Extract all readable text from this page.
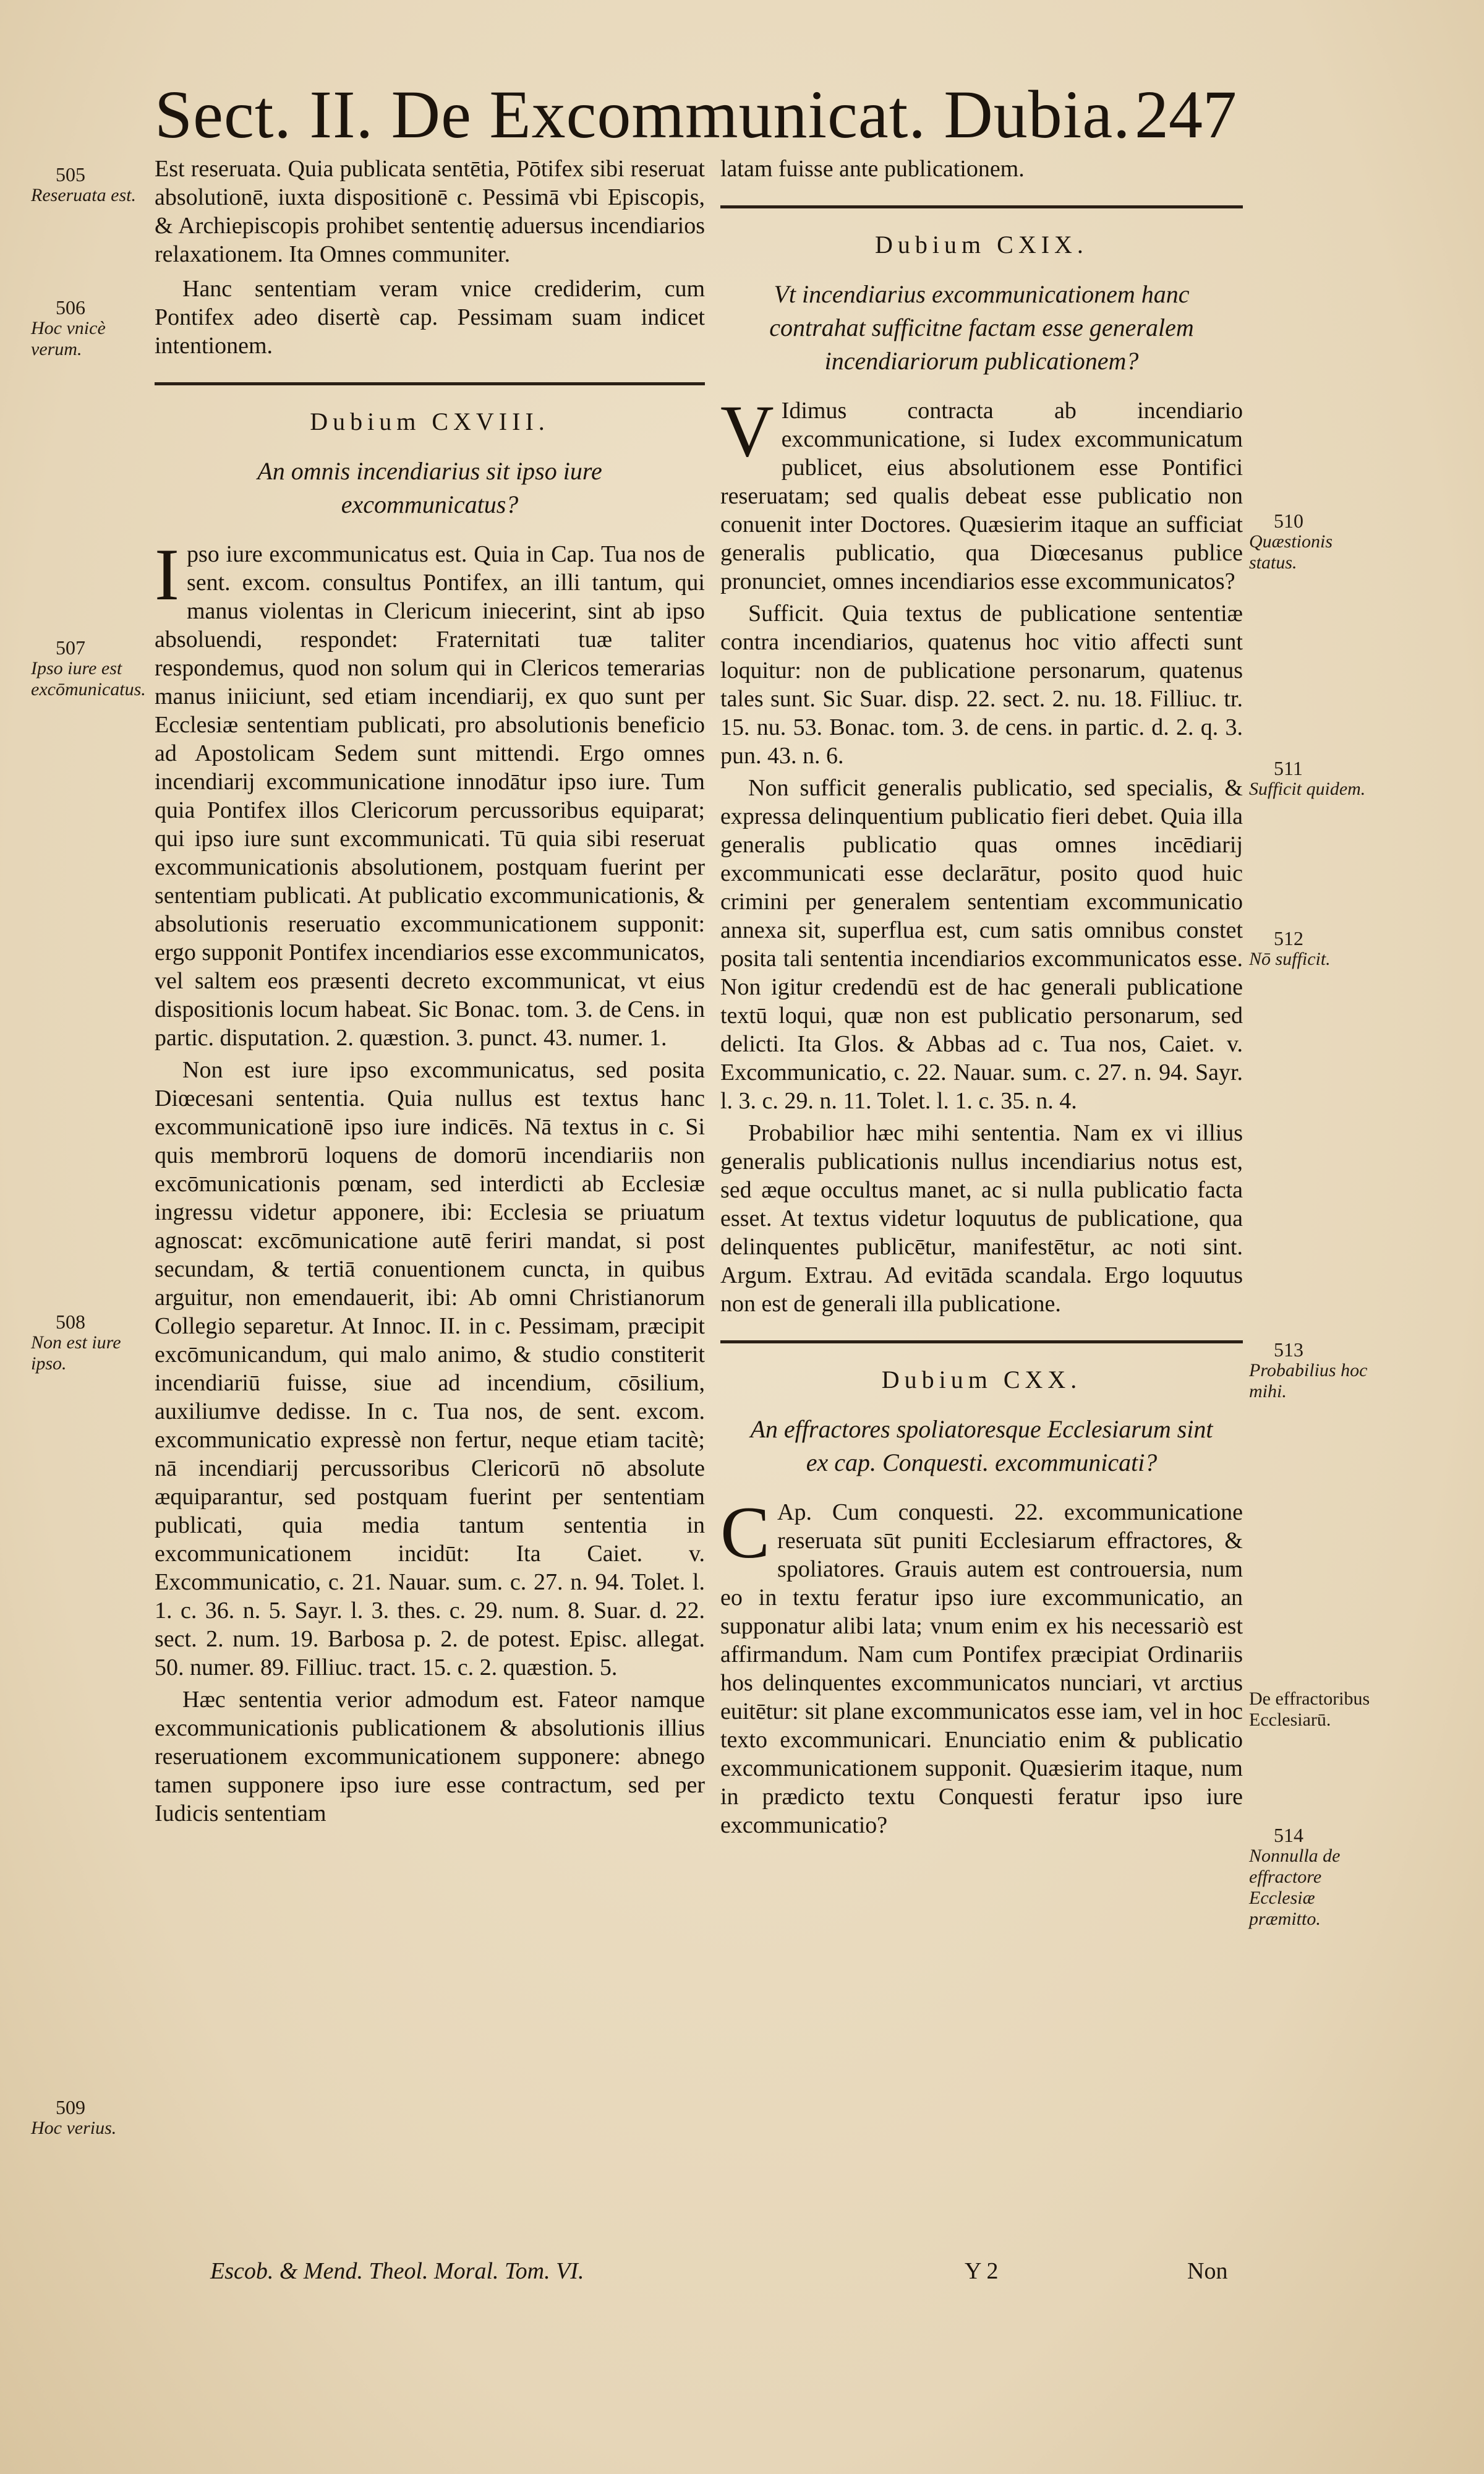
Sect. II. De Excommunicat. Dubia. 247

Est reseruata. Quia publicata sentētia, Pōtifex sibi reseruat absolutionē, iuxta dispositionē c. Pessimā vbi Episcopis, & Archiepiscopis prohibet sententię aduersus incendiarios relaxationem. Ita Omnes communiter.

Hanc sententiam veram vnice crediderim, cum Pontifex adeo disertè cap. Pessimam suam indicet intentionem.

Dubium CXVIII.
An omnis incendiarius sit ipso iure excommunicatus?

Ipso iure excommunicatus est. Quia in Cap. Tua nos de sent. excom. consultus Pontifex, an illi tantum, qui manus violentas in Clericum iniecerint, sint ab ipso absoluendi, respondet: Fraternitati tuæ taliter respondemus, quod non solum qui in Clericos temerarias manus iniiciunt, sed etiam incendiarij, ex quo sunt per Ecclesiæ sententiam publicati, pro absolutionis beneficio ad Apostolicam Sedem sunt mittendi. Ergo omnes incendiarij excommunicatione innodātur ipso iure. Tum quia Pontifex illos Clericorum percussoribus equiparat; qui ipso iure sunt excommunicati. Tū quia sibi reseruat excommunicationis absolutionem, postquam fuerint per sententiam publicati. At publicatio excommunicationis, & absolutionis reseruatio excommunicationem supponit: ergo supponit Pontifex incendiarios esse excommunicatos, vel saltem eos præsenti decreto excommunicat, vt eius dispositionis locum habeat. Sic Bonac. tom. 3. de Cens. in partic. disputation. 2. quæstion. 3. punct. 43. numer. 1.

Non est iure ipso excommunicatus, sed posita Diœcesani sententia. Quia nullus est textus hanc excommunicationē ipso iure indicēs. Nā textus in c. Si quis membrorū loquens de domorū incendiariis non excōmunicationis pœnam, sed interdicti ab Ecclesiæ ingressu videtur apponere, ibi: Ecclesia se priuatum agnoscat: excōmunicatione autē feriri mandat, si post secundam, & tertiā conuentionem cuncta, in quibus arguitur, non emendauerit, ibi: Ab omni Christianorum Collegio separetur. At Innoc. II. in c. Pessimam, præcipit excōmunicandum, qui malo animo, & studio constiterit incendiariū fuisse, siue ad incendium, cōsilium, auxiliumve dedisse. In c. Tua nos, de sent. excom. excommunicatio expressè non fertur, neque etiam tacitè; nā incendiarij percussoribus Clericorū nō absolute æquiparantur, sed postquam fuerint per sententiam publicati, quia media tantum sententia in excommunicationem incidūt: Ita Caiet. v. Excommunicatio, c. 21. Nauar. sum. c. 27. n. 94. Tolet. l. 1. c. 36. n. 5. Sayr. l. 3. thes. c. 29. num. 8. Suar. d. 22. sect. 2. num. 19. Barbosa p. 2. de potest. Episc. allegat. 50. numer. 89. Filliuc. tract. 15. c. 2. quæstion. 5.

Hæc sententia verior admodum est. Fateor namque excommunicationis publicationem & absolutionis illius reseruationem excommunicationem supponere: abnego tamen supponere ipso iure esse contractum, sed per Iudicis sententiam

latam fuisse ante publicationem.

Dubium CXIX.
Vt incendiarius excommunicationem hanc contrahat sufficitne factam esse generalem incendiariorum publicationem?

V Idimus contracta ab incendiario excommunicatione, si Iudex excommunicatum publicet, eius absolutionem esse Pontifici reseruatam; sed qualis debeat esse publicatio non conuenit inter Doctores. Quæsierim itaque an sufficiat generalis publicatio, qua Diœcesanus publice pronunciet, omnes incendiarios esse excommunicatos?

Sufficit. Quia textus de publicatione sententiæ contra incendiarios, quatenus hoc vitio affecti sunt loquitur: non de publicatione personarum, quatenus tales sunt. Sic Suar. disp. 22. sect. 2. nu. 18. Filliuc. tr. 15. nu. 53. Bonac. tom. 3. de cens. in partic. d. 2. q. 3. pun. 43. n. 6.

Non sufficit generalis publicatio, sed specialis, & expressa delinquentium publicatio fieri debet. Quia illa generalis publicatio quas omnes incēdiarij excommunicati esse declarātur, posito quod huic crimini per generalem sententiam excommunicatio annexa sit, superflua est, cum satis omnibus constet posita tali sententia incendiarios excommunicatos esse. Non igitur credendū est de hac generali publicatione textū loqui, quæ non est publicatio personarum, sed delicti. Ita Glos. & Abbas ad c. Tua nos, Caiet. v. Excommunicatio, c. 22. Nauar. sum. c. 27. n. 94. Sayr. l. 3. c. 29. n. 11. Tolet. l. 1. c. 35. n. 4.

Probabilior hæc mihi sententia. Nam ex vi illius generalis publicationis nullus incendiarius notus est, sed æque occultus manet, ac si nulla publicatio facta esset. At textus videtur loquutus de publicatione, qua delinquentes publicētur, manifestētur, ac noti sint. Argum. Extrau. Ad evitāda scandala. Ergo loquutus non est de generali illa publicatione.

Dubium CXX.
An effractores spoliatoresque Ecclesiarum sint ex cap. Conquesti. excommunicati?

C Ap. Cum conquesti. 22. excommunicatione reseruata sūt puniti Ecclesiarum effractores, & spoliatores. Grauis autem est controuersia, num eo in textu feratur ipso iure excommunicatio, an supponatur alibi lata; vnum enim ex his necessariò est affirmandum. Nam cum Pontifex præcipiat Ordinariis hos delinquentes excommunicatos nunciari, vt arctius euitētur: sit plane excommunicatos esse iam, vel in hoc texto excommunicari. Enunciatio enim & publicatio excommunicationem supponit. Quæsierim itaque, num in prædicto textu Conquesti feratur ipso iure excommunicatio?

505
Reseruata est.
506
Hoc vnicè verum.
507
Ipso iure est excōmunicatus.
508
Non est iure ipso.
509
Hoc verius.
510
Quæstionis status.
511
Sufficit quidem.
512
Nō sufficit.
513
Probabilius hoc mihi.
De effractoribus Ecclesiarū.
514
Nonnulla de effractore Ecclesiæ præmitto.
Escob. & Mend. Theol. Moral. Tom. VI.	Y 2	Non
